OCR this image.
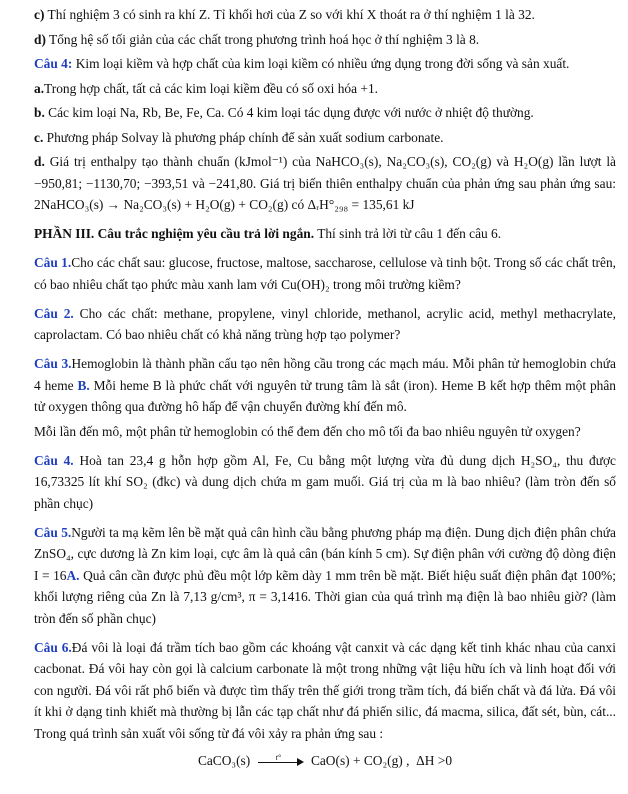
c) Thí nghiệm 3 có sinh ra khí Z. Tỉ khối hơi của Z so với khí X thoát ra ở thí nghiệm 1 là 32.

d) Tổng hệ số tối giản của các chất trong phương trình hoá học ở thí nghiệm 3 là 8.

Câu 4: Kim loại kiềm và hợp chất của kim loại kiềm có nhiều ứng dụng trong đời sống và sản xuất.

a.Trong hợp chất, tất cả các kim loại kiềm đều có số oxi hóa +1.

b. Các kim loại Na, Rb, Be, Fe, Ca. Có 4 kim loại tác dụng được với nước ở nhiệt độ thường.

c. Phương pháp Solvay là phương pháp chính để sản xuất sodium carbonate.

d. Giá trị enthalpy tạo thành chuẩn (kJmol⁻¹) của NaHCO₃(s), Na₂CO₃(s), CO₂(g) và H₂O(g) lần lượt là −950,81; −1130,70; −393,51 và −241,80. Giá trị biến thiên enthalpy chuẩn của phản ứng sau phản ứng sau: 2NaHCO₃(s) → Na₂CO₃(s) + H₂O(g) + CO₂(g) có ΔᵣH°₂₉₈ = 135,61 kJ

PHẦN III. Câu trắc nghiệm yêu cầu trả lời ngắn. Thí sinh trả lời từ câu 1 đến câu 6.

Câu 1.Cho các chất sau: glucose, fructose, maltose, saccharose, cellulose và tinh bột. Trong số các chất trên, có bao nhiêu chất tạo phức màu xanh lam với Cu(OH)₂ trong môi trường kiềm?

Câu 2. Cho các chất: methane, propylene, vinyl chloride, methanol, acrylic acid, methyl methacrylate, caprolactam. Có bao nhiêu chất có khả năng trùng hợp tạo polymer?

Câu 3.Hemoglobin là thành phần cấu tạo nên hồng cầu trong các mạch máu. Mỗi phân tử hemoglobin chứa 4 heme B. Mỗi heme B là phức chất với nguyên tử trung tâm là sắt (iron). Heme B kết hợp thêm một phân tử oxygen thông qua đường hô hấp để vận chuyển đường khí đến mô.

Mỗi lần đến mô, một phân tử hemoglobin có thể đem đến cho mô tối đa bao nhiêu nguyên tử oxygen?

Câu 4. Hoà tan 23,4 g hỗn hợp gồm Al, Fe, Cu bằng một lượng vừa đủ dung dịch H₂SO₄, thu được 16,73325 lít khí SO₂ (đkc) và dung dịch chứa m gam muối. Giá trị của m là bao nhiêu? (làm tròn đến số phần chục)

Câu 5.Người ta mạ kẽm lên bề mặt quả cân hình cầu bằng phương pháp mạ điện. Dung dịch điện phân chứa ZnSO₄, cực dương là Zn kim loại, cực âm là quả cân (bán kính 5 cm). Sự điện phân với cường độ dòng điện I = 16A. Quả cân cần được phủ đều một lớp kẽm dày 1 mm trên bề mặt. Biết hiệu suất điện phân đạt 100%; khối lượng riêng của Zn là 7,13 g/cm³, π = 3,1416. Thời gian của quá trình mạ điện là bao nhiêu giờ? (làm tròn đến số phần chục)

Câu 6.Đá vôi là loại đá trầm tích bao gồm các khoáng vật canxit và các dạng kết tinh khác nhau của canxi cacbonat. Đá vôi hay còn gọi là calcium carbonate là một trong những vật liệu hữu ích và linh hoạt đối với con người. Đá vôi rất phổ biến và được tìm thấy trên thế giới trong trầm tích, đá biến chất và đá lửa. Đá vôi ít khi ở dạng tinh khiết mà thường bị lẫn các tạp chất như đá phiến silic, đá macma, silica, đất sét, bùn, cát... Trong quá trình sản xuất vôi sống từ đá vôi xảy ra phản ứng sau :

CaCO₃(s)	t° CaO(s) + CO₂(g) , ΔH >0
